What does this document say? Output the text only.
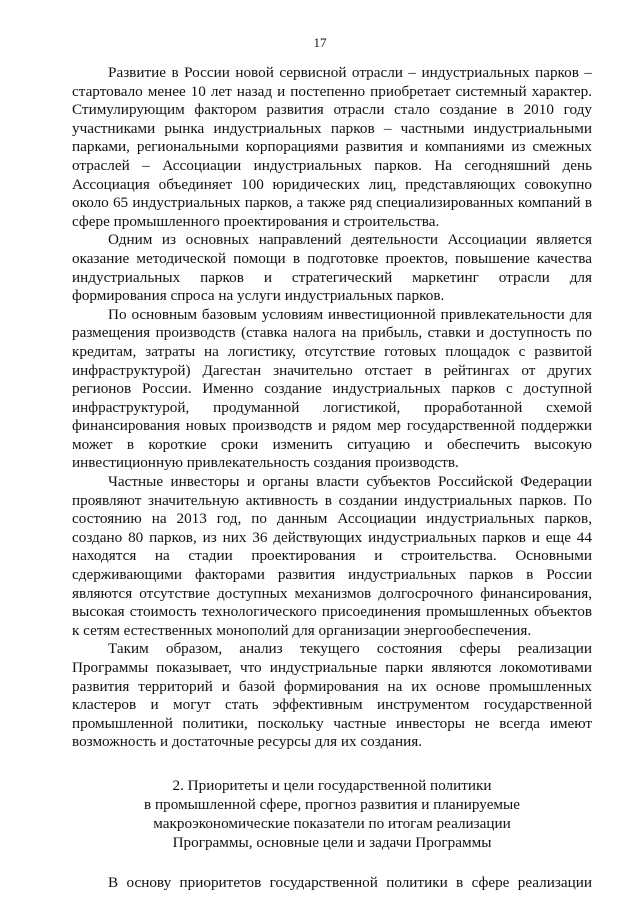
17

Развитие в России новой сервисной отрасли – индустриальных парков – стартовало менее 10 лет назад и постепенно приобретает системный характер. Стимулирующим фактором развития отрасли стало создание в 2010 году участниками рынка индустриальных парков – частными индустриальными парками, региональными корпорациями развития и компаниями из смежных отраслей – Ассоциации индустриальных парков. На сегодняшний день Ассоциация объединяет 100 юридических лиц, представляющих совокупно около 65 индустриальных парков, а также ряд специализированных компаний в сфере промышленного проектирования и строительства.

Одним из основных направлений деятельности Ассоциации является оказание методической помощи в подготовке проектов, повышение качества индустриальных парков и стратегический маркетинг отрасли для формирования спроса на услуги индустриальных парков.

По основным базовым условиям инвестиционной привлекательности для размещения производств (ставка налога на прибыль, ставки и доступность по кредитам, затраты на логистику, отсутствие готовых площадок с развитой инфраструктурой) Дагестан значительно отстает в рейтингах от других регионов России. Именно создание индустриальных парков с доступной инфраструктурой, продуманной логистикой, проработанной схемой финансирования новых производств и рядом мер государственной поддержки может в короткие сроки изменить ситуацию и обеспечить высокую инвестиционную привлекательность создания производств.

Частные инвесторы и органы власти субъектов Российской Федерации проявляют значительную активность в создании индустриальных парков. По состоянию на 2013 год, по данным Ассоциации индустриальных парков, создано 80 парков, из них 36 действующих индустриальных парков и еще 44 находятся на стадии проектирования и строительства. Основными сдерживающими факторами развития индустриальных парков в России являются отсутствие доступных механизмов долгосрочного финансирования, высокая стоимость технологического присоединения промышленных объектов к сетям естественных монополий для организации энергообеспечения.

Таким образом, анализ текущего состояния сферы реализации Программы показывает, что индустриальные парки являются локомотивами развития территорий и базой формирования на их основе промышленных кластеров и могут стать эффективным инструментом государственной промышленной политики, поскольку частные инвесторы не всегда имеют возможность и достаточные ресурсы для их создания.

2. Приоритеты и цели государственной политики
в промышленной сфере, прогноз развития и планируемые
макроэкономические показатели по итогам реализации
Программы, основные цели и задачи Программы

В основу приоритетов государственной политики в сфере реализации
